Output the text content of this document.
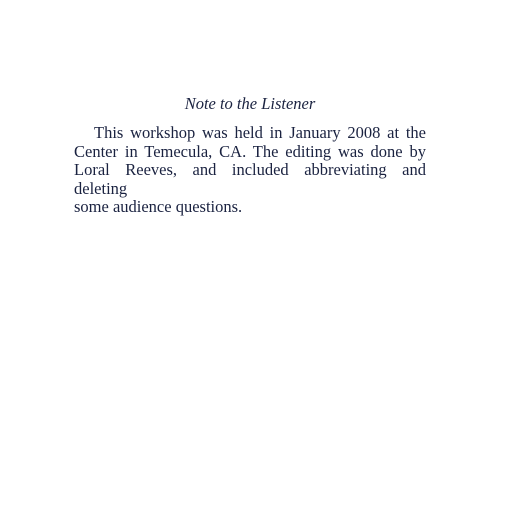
Note to the Listener
This workshop was held in January 2008 at the
Center in Temecula, CA. The editing was done by
Loral Reeves, and included abbreviating and deleting
some audience questions.
